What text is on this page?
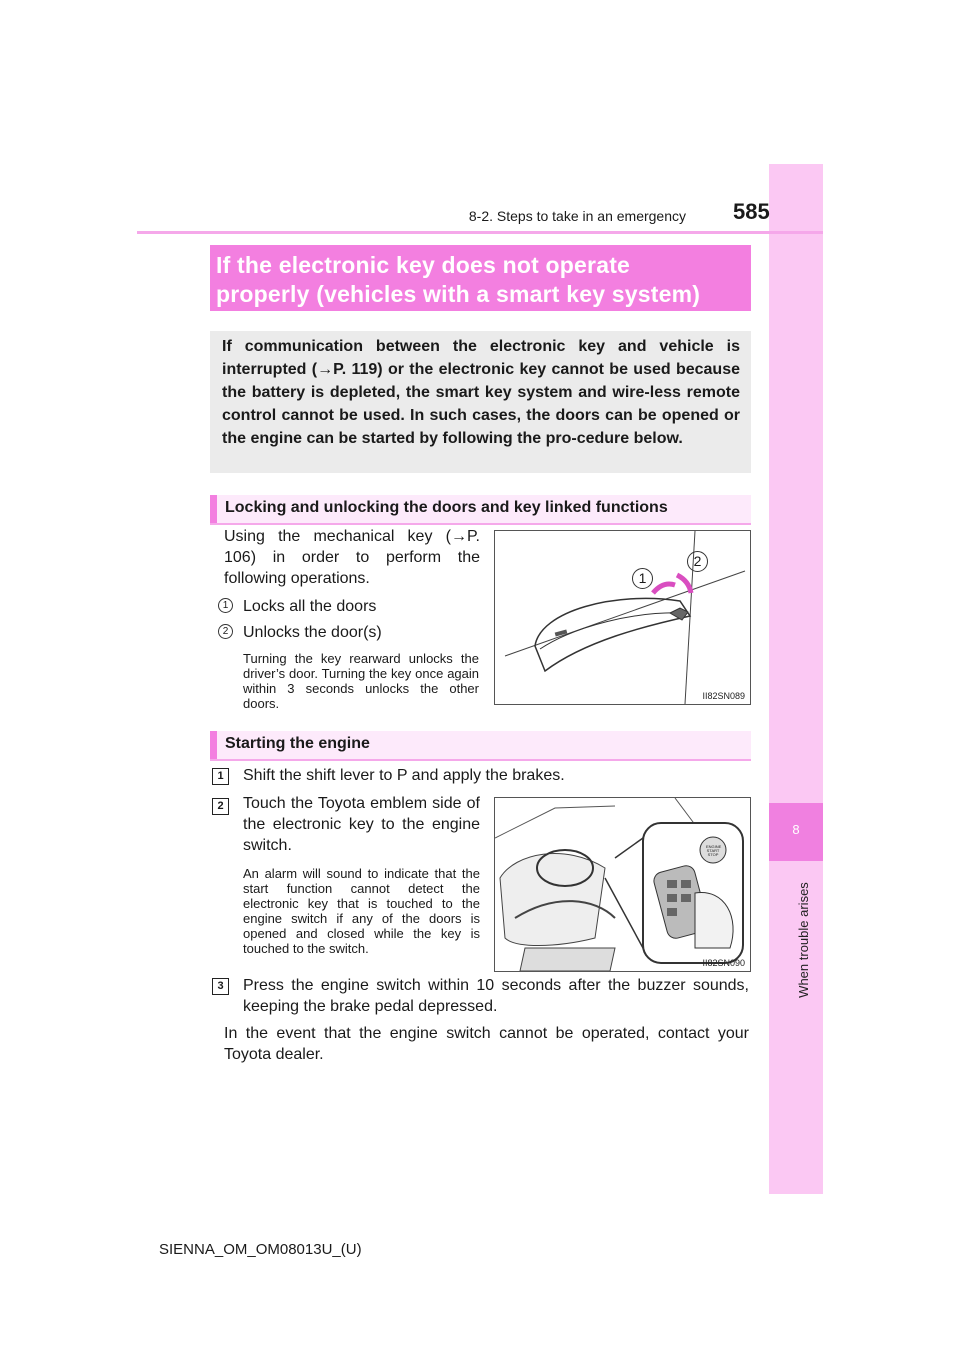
8
When trouble arises
8-2. Steps to take in an emergency 585
If the electronic key does not operate
properly (vehicles with a smart key system)
If communication between the electronic key and vehicle is interrupted (→P. 119) or the electronic key cannot be used because the battery is depleted, the smart key system and wire-less remote control cannot be used. In such cases, the doors can be opened or the engine can be started by following the pro-cedure below.
Locking and unlocking the doors and key linked functions
Using the mechanical key (→P. 106) in order to perform the following operations.
1 Locks all the doors
2 Unlocks the door(s)
Turning the key rearward unlocks the driver’s door. Turning the key once again within 3 seconds unlocks the other doors.
1
2
II82SN089
Starting the engine
1	Shift the shift lever to P and apply the brakes.
2	Touch the Toyota emblem side of the electronic key to the engine switch.
An alarm will sound to indicate that the start function cannot detect the electronic key that is touched to the engine switch if any of the doors is opened and closed while the key is touched to the switch.
ENGINE START STOP
II82SN090
3	Press the engine switch within 10 seconds after the buzzer sounds, keeping the brake pedal depressed.
In the event that the engine switch cannot be operated, contact your Toyota dealer.
SIENNA_OM_OM08013U_(U)
